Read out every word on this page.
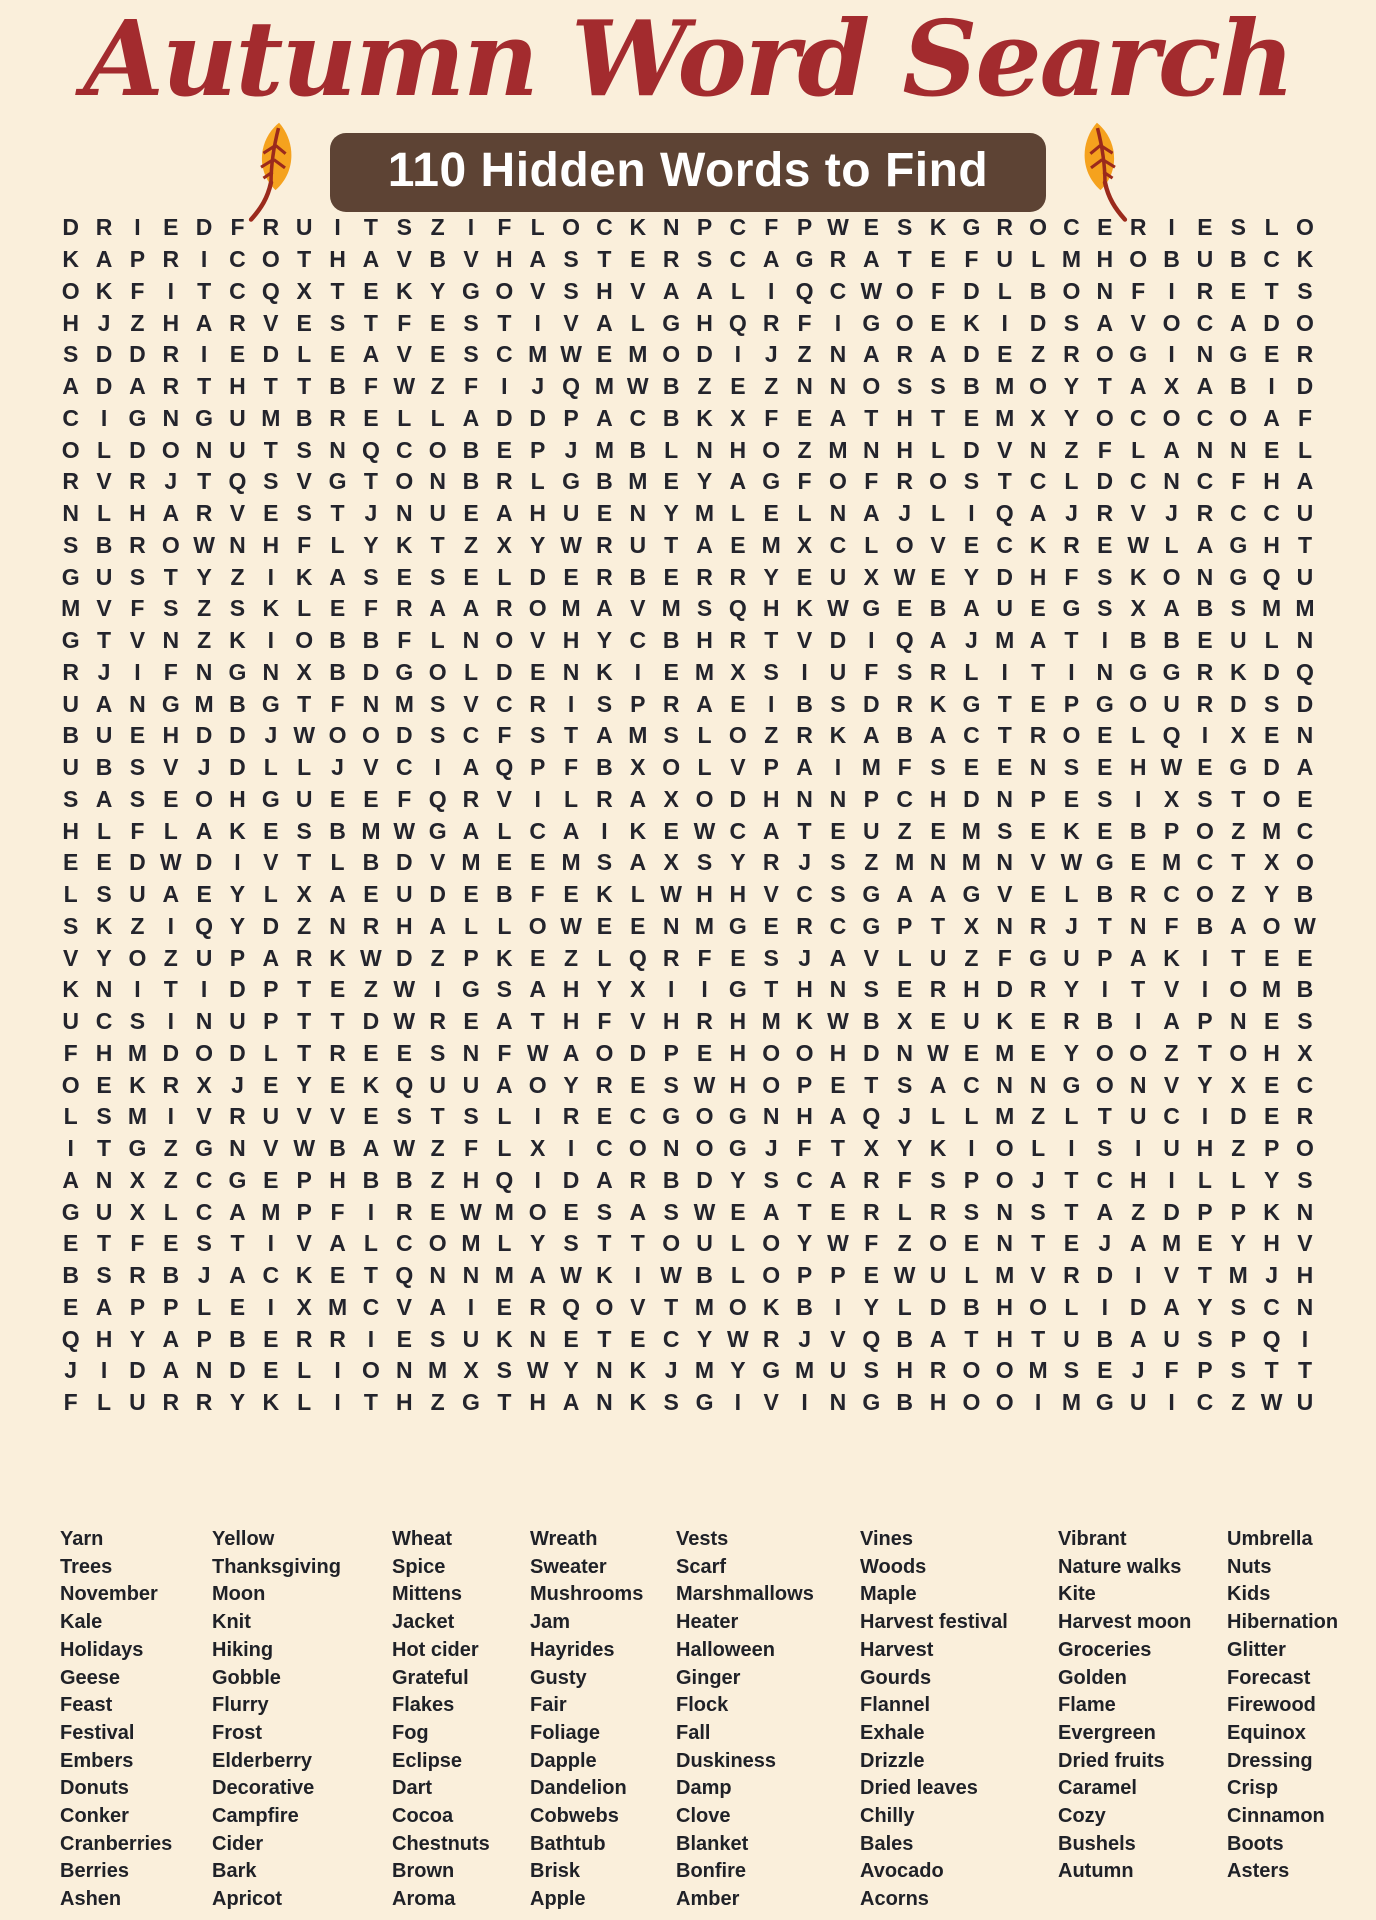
Autumn Word Search
110 Hidden Words to Find
D R I E D F R U I	T S Z	I	F L O C K N P C F P W E S K G R O C E R I E S L O
K A P R I C O T H A V B V H A S T E R S C A G R A T E F U L M H O B U B C K
O K F	I	T C Q X T E K Y G O V S H V A A L	I Q C W O F D L B O N F	I R E T S
H J Z H A R V E S T F E S T	I V A L G H Q R F	I G O E K I D S A V O C A D O
S D D R I E D L E A V E S C M W E M O D I	J Z N A R A D E Z R O G I N G E R
A D A R T H T T B F W Z F	I	J Q M W B Z E Z N N O S S B M O Y T A X A B I D
C I G N G U M B R E L L A D D P A C B K X F E A T H T E M X Y O C O C O A F
O L D O N U T S N Q C O B E P J M B L N H O Z M N H L D V N Z F L A N N E L
R V R J T Q S V G T O N B R L G B M E Y A G F O F R O S T C L D C N C F H A
N L H A R V E S T J N U E A H U E N Y M L E L N A J L	I Q A J R V J R C C U
S B R O W N H F L Y K T Z X Y W R U T A E M X C L O V E C K R E W L A G H T
G U S T Y Z	I K A S E S E L D E R B E R R Y E U X W E Y D H F S K O N G Q U
M V F S Z S K L E F R A A R O M A V M S Q H K W G E B A U E G S X A B S M M
G T V N Z K I O B B F L N O V H Y C B H R T V D I Q A J M A T	I B B E U L N
R J	I	F N G N X B D G O L D E N K I E M X S I U F S R L	I	T	I N G G R K D Q
U A N G M B G T F N M S V C R I S P R A E I B S D R K G T E P G O U R D S D
B U E H D D J W O O D S C F S T A M S L O Z R K A B A C T R O E L Q I X E N
U B S V J D L L J V C I A Q P F B X O L V P A I M F S E E N S E H W E G D A
S A S E O H G U E E F Q R V I	L R A X O D H N N P C H D N P E S I X S T O E
H L F L A K E S B M W G A L C A I K E W C A T E U Z E M S E K E B P O Z M C
E E D W D I V T L B D V M E E M S A X S Y R J S Z M N M N V W G E M C T X O
L S U A E Y L X A E U D E B F E K L W H H V C S G A A G V E L B R C O Z Y B
S K Z	I Q Y D Z N R H A L L O W E E N M G E R C G P T X N R J T N F B A O W
V Y O Z U P A R K W D Z P K E Z L Q R F E S J A V L U Z F G U P A K I	T E E
K N I	T	I D P T E Z W I G S A H Y X I	I G T H N S E R H D R Y I	T V I O M B
U C S I N U P T T D W R E A T H F V H R H M K W B X E U K E R B I A P N E S
F H M D O D L T R E E S N F W A O D P E H O O H D N W E M E Y O O Z T O H X
O E K R X J E Y E K Q U U A O Y R E S W H O P E T S A C N N G O N V Y X E C
L S M I V R U V V E S T S L	I R E C G O G N H A Q J L L M Z L T U C I D E R
I	T G Z G N V W B A W Z F L X I C O N O G J F T X Y K I O L	I S I U H Z P O
A N X Z C G E P H B B Z H Q I D A R B D Y S C A R F S P O J T C H I	L L Y S
G U X L C A M P F	I R E W M O E S A S W E A T E R L R S N S T A Z D P P K N
E T F E S T	I V A L C O M L Y S T T O U L O Y W F Z O E N T E J A M E Y H V
B S R B J A C K E T Q N N M A W K I W B L O P P E W U L M V R D I V T M J H
E A P P L E I X M C V A I E R Q O V T M O K B I Y L D B H O L	I D A Y S C N
Q H Y A P B E R R I E S U K N E T E C Y W R J V Q B A T H T U B A U S P Q I
J	I D A N D E L	I O N M X S W Y N K J M Y G M U S H R O O M S E J F P S T T
F L U R R Y K L	I	T H Z G T H A N K S G I V I N G B H O O I M G U I C Z W U
Yarn
Trees
November
Kale
Holidays
Geese
Feast
Festival
Embers
Donuts
Conker
Cranberries
Berries
Ashen
Yellow
Thanksgiving
Moon
Knit
Hiking
Gobble
Flurry
Frost
Elderberry
Decorative
Campfire
Cider
Bark
Apricot
Wheat
Spice
Mittens
Jacket
Hot cider
Grateful
Flakes
Fog
Eclipse
Dart
Cocoa
Chestnuts
Brown
Aroma
Wreath
Sweater
Mushrooms
Jam
Hayrides
Gusty
Fair
Foliage
Dapple
Dandelion
Cobwebs
Bathtub
Brisk
Apple
Vests
Scarf
Marshmallows
Heater
Halloween
Ginger
Flock
Fall
Duskiness
Damp
Clove
Blanket
Bonfire
Amber
Vines
Woods
Maple
Harvest festival
Harvest
Gourds
Flannel
Exhale
Drizzle
Dried leaves
Chilly
Bales
Avocado
Acorns
Vibrant
Nature walks
Kite
Harvest moon
Groceries
Golden
Flame
Evergreen
Dried fruits
Caramel
Cozy
Bushels
Autumn
Umbrella
Nuts
Kids
Hibernation
Glitter
Forecast
Firewood
Equinox
Dressing
Crisp
Cinnamon
Boots
Asters
